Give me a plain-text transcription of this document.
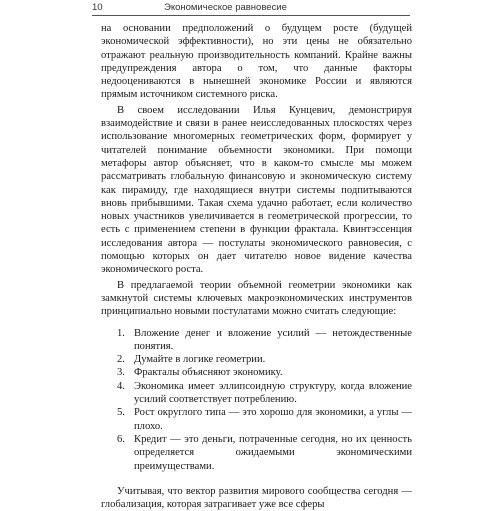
10	Экономическое равновесие

на основании предположений о будущем росте (будущей экономической эффективности), но эти цены не обязательно отражают реальную производительность компаний. Крайне важны предупреждения автора о том, что данные факторы недооцениваются в нынешней экономике России и являются прямым источником системного риска.

В своем исследовании Илья Кунцевич, демонстрируя взаимодействие и связи в ранее неисследованных плоскостях через использование многомерных геометрических форм, формирует у читателей понимание объемности экономики. При помощи метафоры автор объясняет, что в каком-то смысле мы можем рассматривать глобальную финансовую и экономическую систему как пирамиду, где находящиеся внутри системы подпитываются вновь прибывшими. Такая схема удачно работает, если количество новых участников увеличивается в геометрической прогрессии, то есть с применением степени в функции фрактала. Квинтэссенция исследования автора — постулаты экономического равновесия, с помощью которых он дает читателю новое видение качества экономического роста.

В предлагаемой теории объемной геометрии экономики как замкнутой системы ключевых макроэкономических инструментов принципиально новыми постулатами можно считать следующие:

1. Вложение денег и вложение усилий — нетождественные понятия.
2. Думайте в логике геометрии.
3. Фракталы объясняют экономику.
4. Экономика имеет эллипсоидную структуру, когда вложение усилий соответствует потреблению.
5. Рост округлого типа — это хорошо для экономики, а углы — плохо.
6. Кредит — это деньги, потраченные сегодня, но их ценность определяется ожидаемыми экономическими преимуществами.

Учитывая, что вектор развития мирового сообщества сегодня — глобализация, которая затрагивает уже все сферы
